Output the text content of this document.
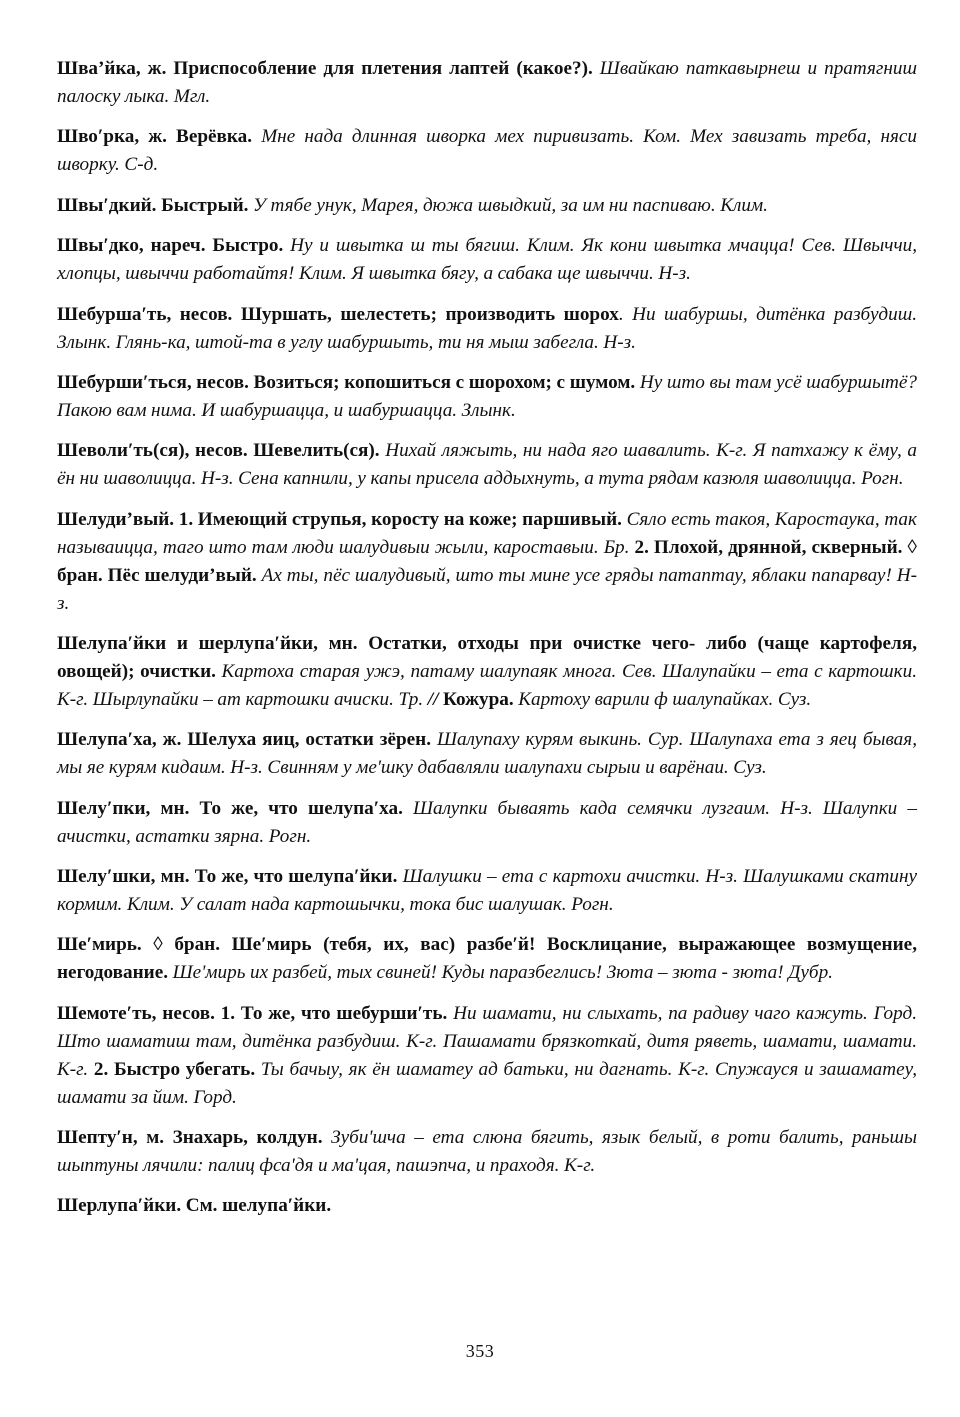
Шва’йка, ж. Приспособление для плетения лаптей (какое?). Швайкаю паткавырнеш и пратягниш палоску лыка. Мгл.

Швоʹрка, ж. Верёвка. Мне нада длинная шворка мех пиривизать. Ком. Мех завизать треба, няси шворку. С-д.

Швыʹдкий. Быстрый. У тябе унук, Марея, дюжа швыдкий, за им ни паспиваю. Клим.

Швыʹдко, нареч. Быстро. Ну и швытка ш ты бягиш. Клим. Як кони швытка мчацца! Сев. Швыччи, хлопцы, швыччи работайтя! Клим. Я швытка бягу, а сабака ще швыччи. Н-з.

Шебуршаʹть, несов. Шуршать, шелестеть; производить шорох. Ни шабуршы, дитёнка разбудиш. Злынк. Глянь-ка, штой-та в углу шабуршыть, ти ня мыш забегла. Н-з.

Шебуршиʹться, несов. Возиться; копошиться с шорохом; с шумом. Ну што вы там усё шабуршытё? Пакою вам нима. И шабуршацца, и шабуршацца. Злынк.

Шеволиʹть(ся), несов. Шевелить(ся). Нихай ляжыть, ни нада яго шавалить. К-г. Я патхажу к ёму, а ён ни шаволицца. Н-з. Сена капнили, у капы присела аддыхнуть, а тута рядам казюля шаволицца. Рогн.

Шелуди’вый. 1. Имеющий струпья, коросту на коже; паршивый. Сяло есть такоя, Каростаука, так называицца, таго што там люди шалудивыи жыли, кароставыи. Бр. 2. Плохой, дрянной, скверный. ◊ бран. Пёс шелуди’вый. Ах ты, пёс шалудивый, што ты мине усе гряды патаптау, яблаки папарвау! Н-з.

Шелупаʹйки и шерлупаʹйки, мн. Остатки, отходы при очистке чего- либо (чаще картофеля, овощей); очистки. Картоха старая ужэ, патаму шалупаяк многа. Сев. Шалупайки – ета с картошки. К-г. Шырлупайки – ат картошки ачиски. Тр. // Кожура. Картоху варили ф шалупайках. Суз.

Шелупаʹха, ж. Шелуха яиц, остатки зёрен. Шалупаху курям выкинь. Сур. Шалупаха ета з яец бывая, мы яе курям кидаим. Н-з. Свинням у меʹшку дабавляли шалупахи сырыи и варёнаи. Суз.

Шелуʹпки, мн. То же, что шелупаʹха. Шалупки бываять када семячки лузгаим. Н-з. Шалупки – ачистки, астатки зярна. Рогн.

Шелуʹшки, мн. То же, что шелупаʹйки. Шалушки – ета с картохи ачистки. Н-з. Шалушками скатину кормим. Клим. У салат нада картошычки, тока бис шалушак. Рогн.

Шеʹмирь. ◊ бран. Шеʹмирь (тебя, их, вас) разбеʹй! Восклицание, выражающее возмущение, негодование. Шеʹмирь их разбей, тых свиней! Куды паразбеглись! Зюта – зюта - зюта! Дубр.

Шемотеʹть, несов. 1. То же, что шебуршиʹть. Ни шамати, ни слыхать, па радиву чаго кажуть. Горд. Што шаматиш там, дитёнка разбудиш. К-г. Пашамати брязкоткай, дитя ряветь, шамати, шамати. К-г. 2. Быстро убегать. Ты бачыу, як ён шаматеу ад батьки, ни дагнать. К-г. Спужауся и зашаматеу, шамати за йим. Горд.

Шептуʹн, м. Знахарь, колдун. Зубиʹшча – ета слюна бягить, язык белый, в роти балить, раньшы шыптуны лячили: палиц фсаʹдя и маʹцая, пашэпча, и прaходя. К-г.

Шерлупаʹйки. См. шелупаʹйки.

353
